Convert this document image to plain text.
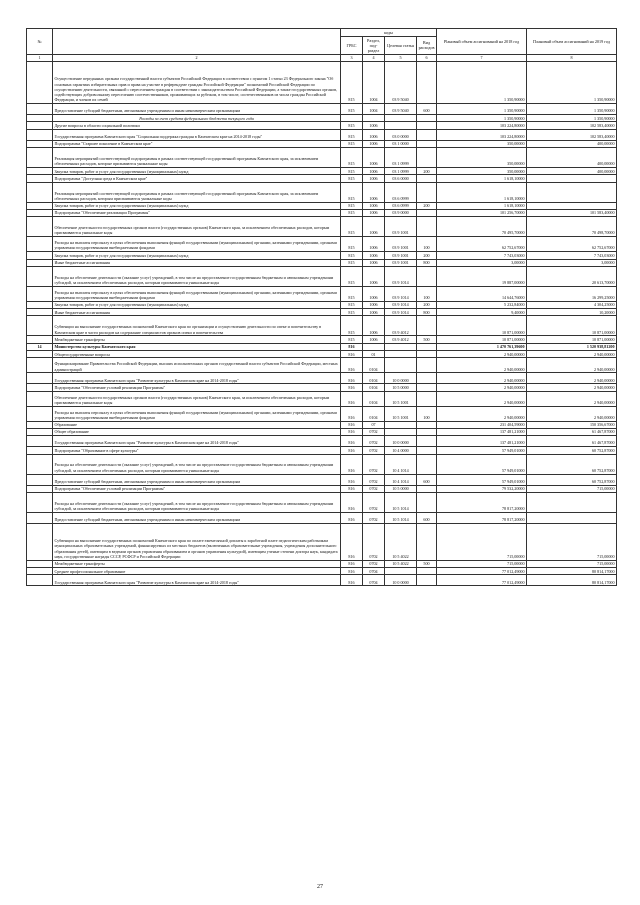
№		коды				Plановый объем ассигнований на 2018 год	Плановый объем ассигнований на 2019 год
		ГРБС	Раздел, под-раздел	Целевая статья	Вид расходов		
1	2	3	4	5	6	7	8
	Осуществление переданных органам государственной власти субъектов Российской Федерации в соответствии с пунктом 1 статьи 23 Федерального закона "Об основных гарантиях избирательных прав и права на участие в референдуме граждан Российской Федерации" полномочий Российской Федерации по осуществлению деятельности, связанной с переселением граждан в соответствии с законодательством Российской Федерации, а также государственных органов, содействующих добровольному переселению соотечественников, проживающих за рубежом, в том числе, соотечественников из числа граждан Российской Федерации, и членов их семей	815	1004	03 9 5040		1 350,90000	1 350,90000
	Предоставление субсидий бюджетным, автономным учреждениям и иным некоммерческим организациям	815	1004	03 9 5040	600	1 350,90000	1 350,90000
	Расходы за счет средств федерального бюджета текущего года					1 350,90000	1 350,90000
	Другие вопросы в области социальной политики	815	1006			103 224,80000	102 583,40000
	Государственная программа Камчатского края "Социальная поддержка граждан в Камчатском крае на 2014-2018 годы"	815	1006	03 0 0000		103 224,80000	102 583,40000
	Подпрограмма "Старшее поколение в Камчатском крае"	815	1006	03 1 0000		350,00000	400,00000
	Реализация мероприятий соответствующей подпрограммы в рамках соответствующей государственной программы Камчатского края, за исключением обеспеченных расходов, которые призываются уникальные коды	815	1006	03 1 0999		350,00000	400,00000
	Закупка товаров, работ и услуг для государственных (муниципальных) нужд	815	1006	03 1 0999	200	350,00000	400,00000
	Подпрограмма "Доступная среда в Камчатском крае"	815	1006	03 6 0000		1 618,10000	
	Реализация мероприятий соответствующей подпрограммы в рамках соответствующей государственной программы Камчатского края, за исключением обеспеченных расходов, которым присваиваются уникальные коды	815	1006	03 6 0999		1 618,10000	
	Закупка товаров, работ и услуг для государственных (муниципальных) нужд	815	1006	03 6 0999	200	1 618,10000	
	Подпрограмма "Обеспечение реализации Программы"	815	1006	03 9 0000		101 256,70000	101 583,40000
	Обеспечение деятельности государственных органов власти (государственных органов) Камчатского края, за исключением обеспеченных расходов, которым присваиваются уникальные коды	815	1006	03 9 1001		70 495,70000	70 498,70000
	Расходы на выплаты персоналу в целях обеспечения выполнения функций государственными (муниципальными) органами, казенными учреждениями, органами управления государственными внебюджетными фондами	815	1006	03 9 1001	100	62 752,67000	62 752,67000
	Закупка товаров, работ и услуг для государственных (муниципальных) нужд	815	1006	03 9 1001	200	7 743,03000	7 743,03000
	Иные бюджетные ассигнования	815	1006	03 9 1001	800	3,00000	3,00000
	Расходы на обеспечение деятельности (оказание услуг) учреждений, в том числе на предоставление государственным бюджетным и автономным учреждениям субсидий, за исключением обеспеченных расходов, которым присваиваются уникальные коды	815	1006	03 9 1014		19 887,00000	20 613,70000
	Расходы на выплаты персоналу в целях обеспечения выполнения функций государственными (муниципальными) органами, казенными учреждениями, органами управления государственными внебюджетными фондами	815	1006	03 9 1014	100	14 644,76000	16 299,25000
	Закупка товаров, работ и услуг для государственных (муниципальных) нужд	815	1006	03 9 1014	200	5 232,84000	4 304,25000
	Иные бюджетные ассигнования	815	1006	03 9 1014	800	9,40000	10,20000
	Субвенции на выполнение государственных полномочий Камчатского края по организации и осуществлению деятельности по опеке и попечительству в Камчатском крае в части расходов на содержание специалистов органов опеки и попечительства	815	1006	03 9 4012		10 871,00000	10 871,00000
	Межбюджетные трансферты	815	1006	03 9 4012	500	10 871,00000	10 871,00000
14	Министерство культуры Камчатского края	816				1 470 761,39600	1 520 938,81200
	Общегосударственные вопросы	816	01			2 940,00000	2 940,00000
	Функционирование Правительства Российской Федерации, высших исполнительных органов государственной власти субъектов Российской Федерации, местных администраций	816	0104			2 940,00000	2 940,00000
	Государственная программа Камчатского края "Развитие культуры в Камчатском крае на 2014-2018 годы"	816	0104	10 0 0000		2 940,00000	2 940,00000
	Подпрограмма "Обеспечение условий реализации Программы"	816	0104	10 5 0000		2 940,00000	2 940,00000
	Обеспечение деятельности государственных органов власти (государственных органов) Камчатского края, за исключением обеспеченных расходов, которым присваиваются уникальные коды	816	0104	10 5 1001		2 940,00000	2 940,00000
	Расходы на выплаты персоналу в целях обеспечения выполнения функций государственными (муниципальными) органами, казенными учреждениями, органами управления государственными внебюджетными фондами	816	0104	10 5 1001	100	2 940,00000	2 940,00000
	Образование	816	07			231 404,59000	150 356,67000
	Общее образование	816	0702			137 481,21000	61 467,87000
	Государственная программа Камчатского края "Развитие культуры в Камчатском крае на 2014-2018 годы"	816	0702	10 0 0000		137 481,21000	61 467,87000
	Подпрограмма "Образование в сфере культуры"	816	0702	10 4 0000		57 949,01000	60 752,87000
	Расходы на обеспечение деятельности (оказание услуг) учреждений, в том числе на предоставление государственным бюджетным и автономным учреждениям субсидий, за исключением обеспеченных расходов, которым присваиваются уникальные коды	816	0702	10 4 1014		57 949,01000	60 752,87000
	Предоставление субсидий бюджетным, автономным учреждениям и иным некоммерческим организациям	816	0702	10 4 1014	600	57 949,01000	60 752,87000
	Подпрограмма "Обеспечение условий реализации Программы"	816	0702	10 5 0000		79 532,20000	715,00000
	Расходы на обеспечение деятельности (оказание услуг) учреждений, в том числе на предоставление государственным бюджетным и автономным учреждениям субсидий, за исключением обеспеченных расходов, которым присваиваются уникальные коды	816	0702	10 5 1014		78 817,20000	
	Предоставление субсидий бюджетным, автономным учреждениям и иным некоммерческим организациям	816	0702	10 5 1014	600	78 817,20000	
	Субвенции на выполнение государственных полномочий Камчатского края по оплате ежемесячной доплаты к заработной плате педагогическим работникам муниципальных образовательных учреждений, финансируемых из местных бюджетов (включенных образовательные учреждения, учреждения дополнительного образования детей), имеющим в ведении органов управления образованием и органов управления культурой), имеющим ученые степени доктора наук, кандидата наук, государственные награды СССР, РСФСР и Российской Федерации	816	0702	10 5 4022		715,00000	715,00000
	Межбюджетные трансферты	816	0702	10 5 4022	500	715,00000	715,00000
	Среднее профессиональное образование	816	0704			77 012,49000	80 814,17000
	Государственная программа Камчатского края "Развитие культуры в Камчатском крае на 2014-2018 годы"	816	0704	10 0 0000		77 012,49000	80 814,17000
27
